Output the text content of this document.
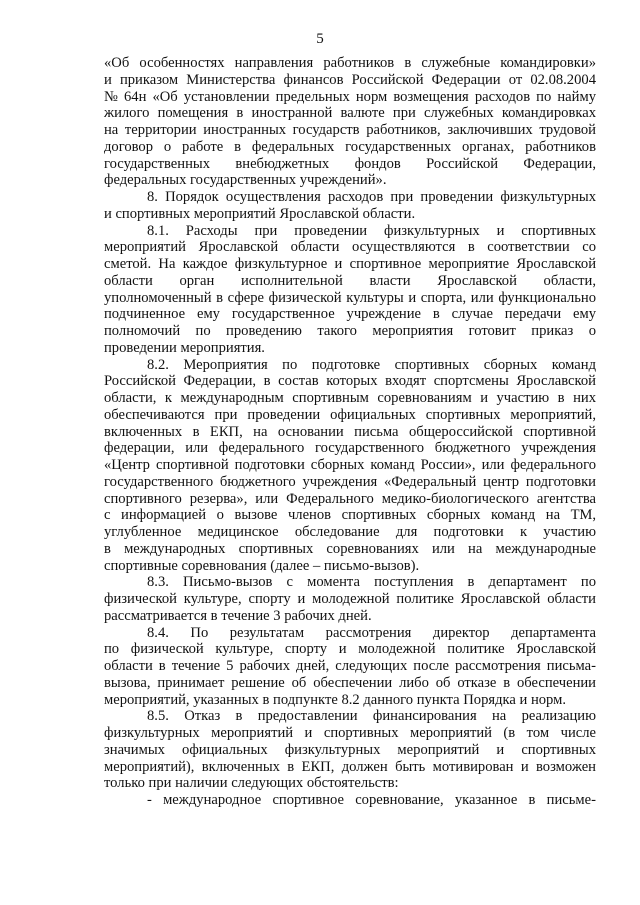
5
«Об особенностях направления работников в служебные командировки»
и приказом Министерства финансов Российской Федерации от 02.08.2004
№ 64н «Об установлении предельных норм возмещения расходов по найму
жилого помещения в иностранной валюте при служебных командировках
на территории иностранных государств работников, заключивших трудовой
договор о работе в федеральных государственных органах, работников
государственных внебюджетных фондов Российской Федерации,
федеральных государственных учреждений».
8. Порядок осуществления расходов при проведении физкультурных
и спортивных мероприятий Ярославской области.
8.1. Расходы при проведении физкультурных и спортивных
мероприятий Ярославской области осуществляются в соответствии со
сметой. На каждое физкультурное и спортивное мероприятие Ярославской
области орган исполнительной власти Ярославской области,
уполномоченный в сфере физической культуры и спорта, или функционально
подчиненное ему государственное учреждение в случае передачи ему
полномочий по проведению такого мероприятия готовит приказ о
проведении мероприятия.
8.2. Мероприятия по подготовке спортивных сборных команд
Российской Федерации, в состав которых входят спортсмены Ярославской
области, к международным спортивным соревнованиям и участию в них
обеспечиваются при проведении официальных спортивных мероприятий,
включенных в ЕКП, на основании письма общероссийской спортивной
федерации, или федерального государственного бюджетного учреждения
«Центр спортивной подготовки сборных команд России», или федерального
государственного бюджетного учреждения «Федеральный центр подготовки
спортивного резерва», или Федерального медико-биологического агентства
с информацией о вызове членов спортивных сборных команд на ТМ,
углубленное медицинское обследование для подготовки к участию
в международных спортивных соревнованиях или на международные
спортивные соревнования (далее – письмо-вызов).
8.3. Письмо-вызов с момента поступления в департамент по
физической культуре, спорту и молодежной политике Ярославской области
рассматривается в течение 3 рабочих дней.
8.4. По результатам рассмотрения директор департамента
по физической культуре, спорту и молодежной политике Ярославской
области в течение 5 рабочих дней, следующих после рассмотрения письма-
вызова, принимает решение об обеспечении либо об отказе в обеспечении
мероприятий, указанных в подпункте 8.2 данного пункта Порядка и норм.
8.5. Отказ в предоставлении финансирования на реализацию
физкультурных мероприятий и спортивных мероприятий (в том числе
значимых официальных физкультурных мероприятий и спортивных
мероприятий), включенных в ЕКП, должен быть мотивирован и возможен
только при наличии следующих обстоятельств:
- международное спортивное соревнование, указанное в письме-
